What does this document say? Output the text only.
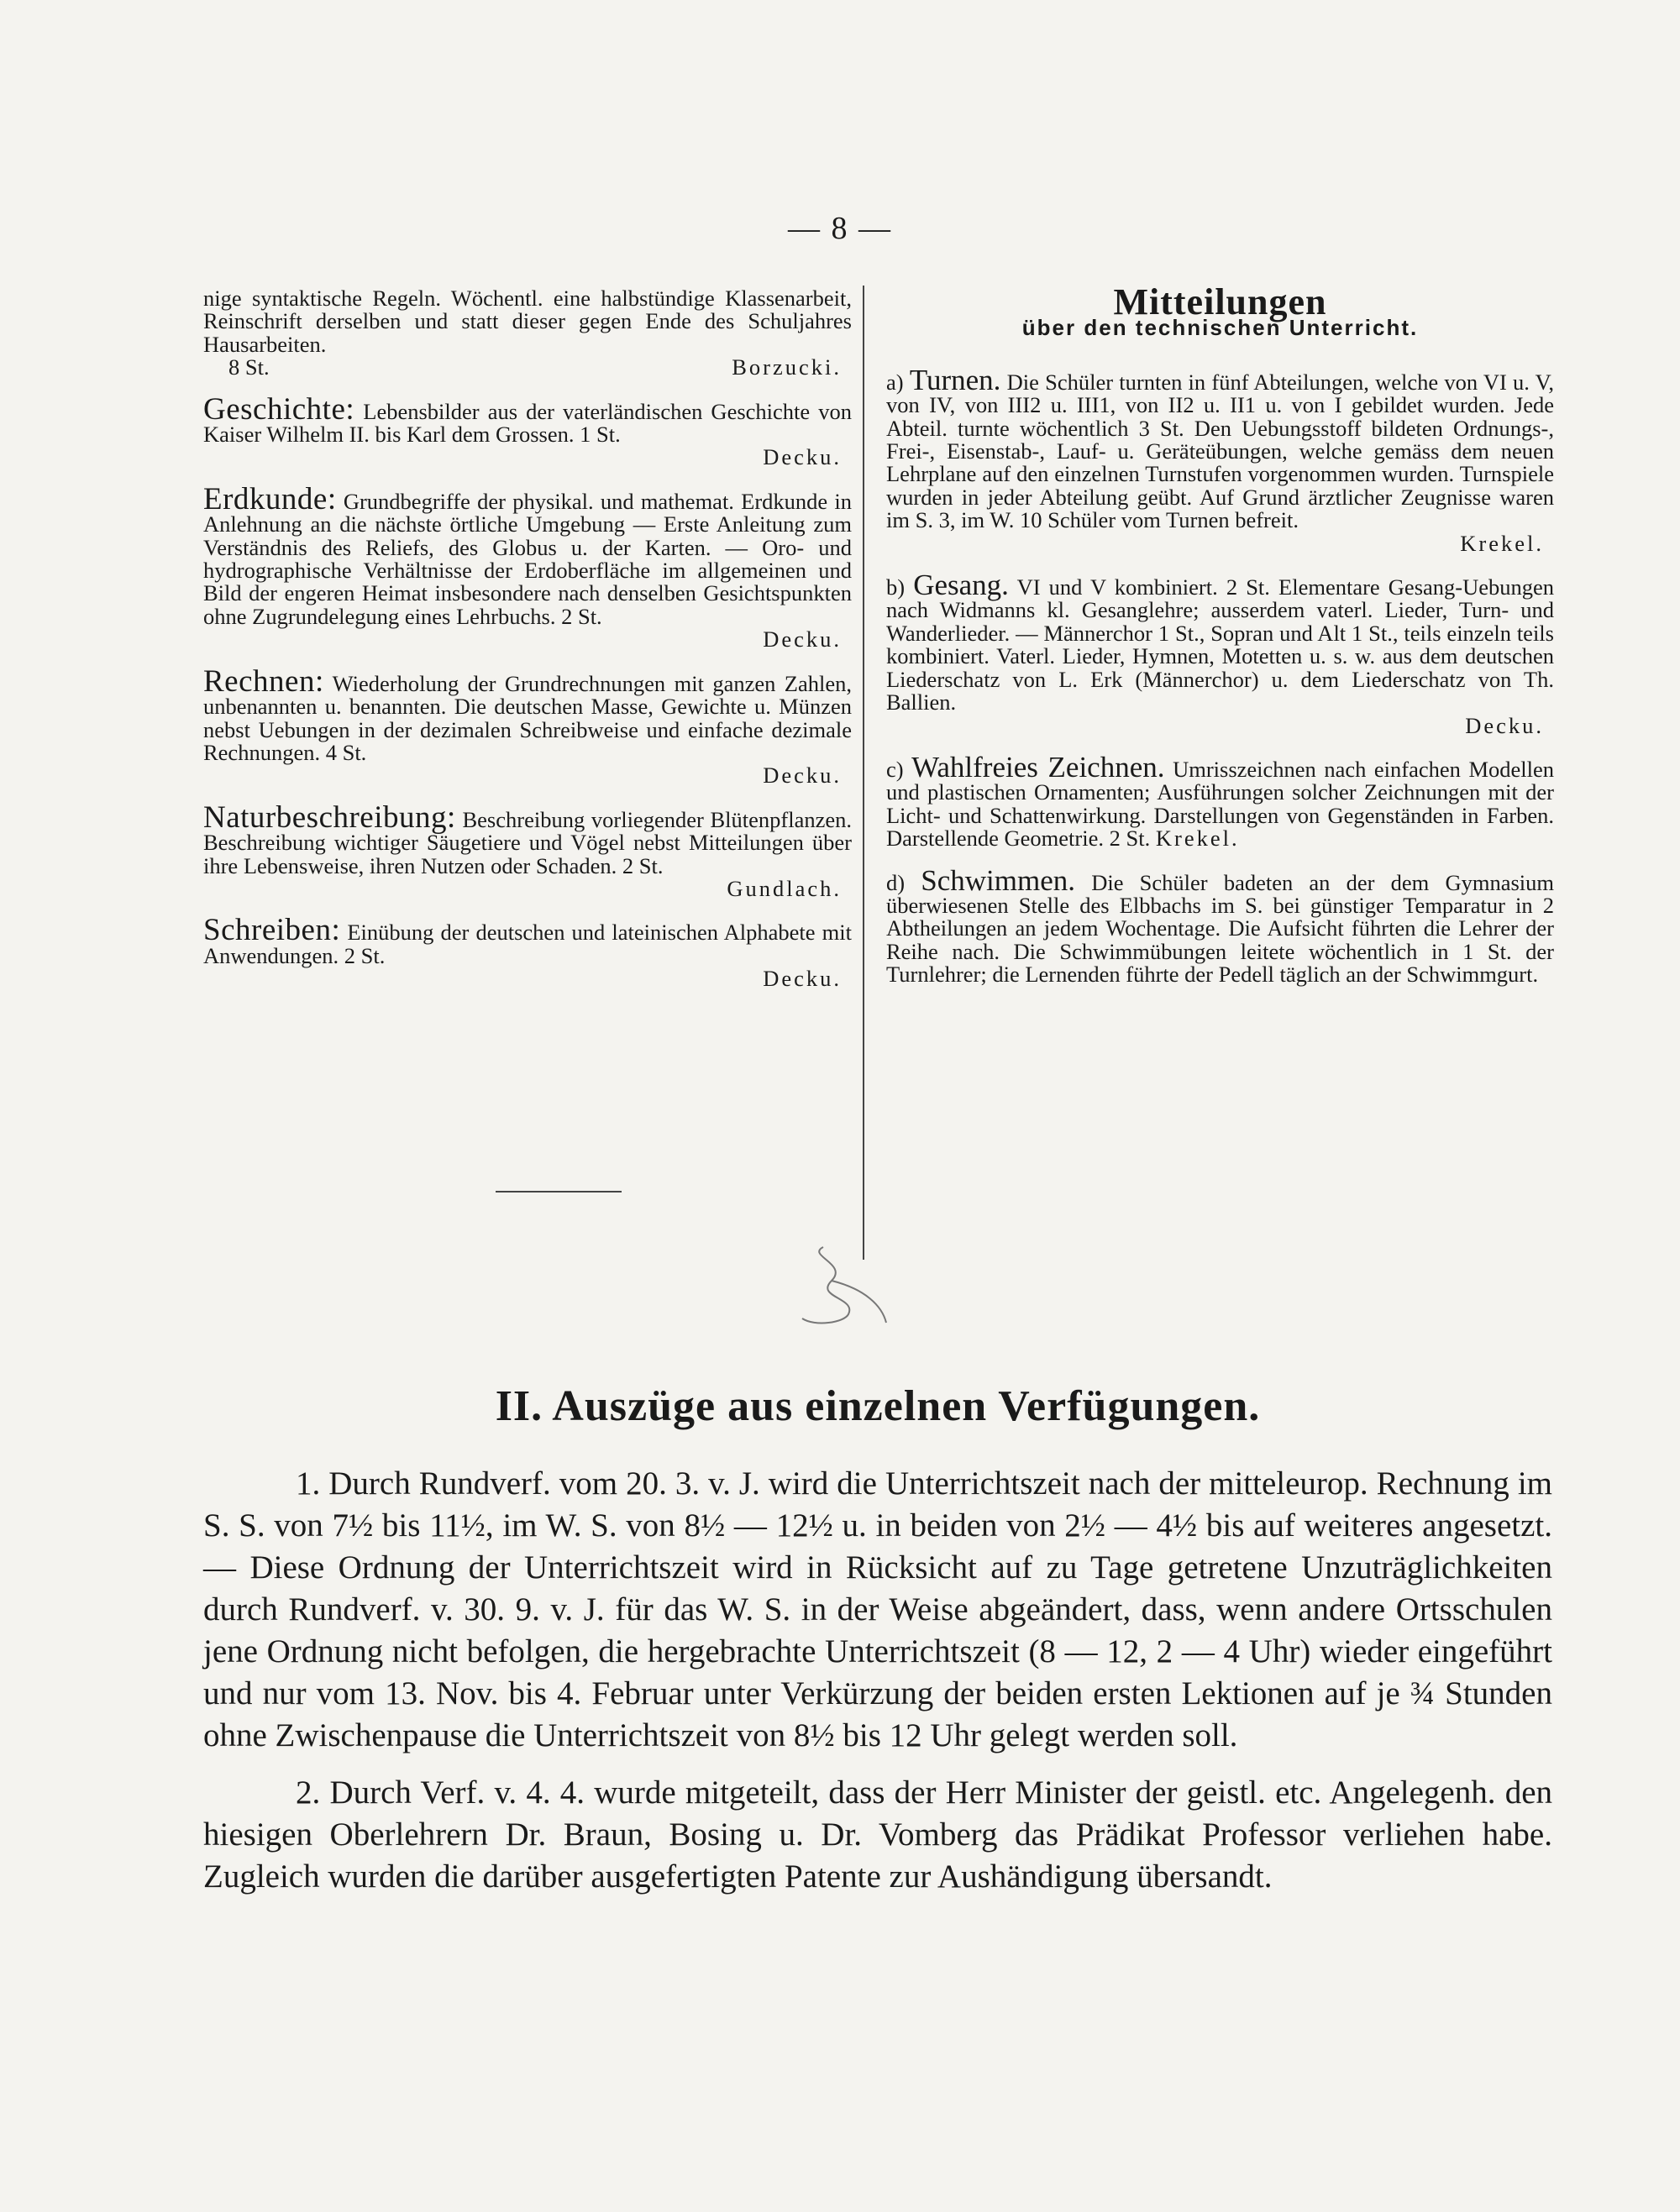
— 8 —

nige syntaktische Regeln. Wöchentl. eine halbstündige Klassenarbeit, Reinschrift derselben und statt dieser gegen Ende des Schuljahres Hausarbeiten.

8 St.	Borzucki.

Geschichte: Lebensbilder aus der vaterländischen Geschichte von Kaiser Wilhelm II. bis Karl dem Grossen. 1 St.

Decku.

Erdkunde: Grundbegriffe der physikal. und mathemat. Erdkunde in Anlehnung an die nächste örtliche Umgebung — Erste Anleitung zum Verständnis des Reliefs, des Globus u. der Karten. — Oro- und hydrographische Verhältnisse der Erdoberfläche im allgemeinen und Bild der engeren Heimat insbesondere nach denselben Gesichtspunkten ohne Zugrundelegung eines Lehrbuchs. 2 St.

Decku.

Rechnen: Wiederholung der Grundrechnungen mit ganzen Zahlen, unbenannten u. benannten. Die deutschen Masse, Gewichte u. Münzen nebst Uebungen in der dezimalen Schreibweise und einfache dezimale Rechnungen. 4 St.

Decku.

Naturbeschreibung: Beschreibung vorliegender Blütenpflanzen. Beschreibung wichtiger Säugetiere und Vögel nebst Mitteilungen über ihre Lebensweise, ihren Nutzen oder Schaden. 2 St.

Gundlach.

Schreiben: Einübung der deutschen und lateinischen Alphabete mit Anwendungen. 2 St.

Decku.
Mitteilungen
über den technischen Unterricht.

a) Turnen. Die Schüler turnten in fünf Abteilungen, welche von VI u. V, von IV, von III2 u. III1, von II2 u. II1 u. von I gebildet wurden. Jede Abteil. turnte wöchentlich 3 St. Den Uebungsstoff bildeten Ordnungs-, Frei-, Eisenstab-, Lauf- u. Geräteübungen, welche gemäss dem neuen Lehrplane auf den einzelnen Turnstufen vorgenommen wurden. Turnspiele wurden in jeder Abteilung geübt. Auf Grund ärztlicher Zeugnisse waren im S. 3, im W. 10 Schüler vom Turnen befreit.

Krekel.

b) Gesang. VI und V kombiniert. 2 St. Elementare Gesang-Uebungen nach Widmanns kl. Gesanglehre; ausserdem vaterl. Lieder, Turn- und Wanderlieder. — Männerchor 1 St., Sopran und Alt 1 St., teils einzeln teils kombiniert. Vaterl. Lieder, Hymnen, Motetten u. s. w. aus dem deutschen Liederschatz von L. Erk (Männerchor) u. dem Liederschatz von Th. Ballien.

Decku.

c) Wahlfreies Zeichnen. Umrisszeichnen nach einfachen Modellen und plastischen Ornamenten; Ausführungen solcher Zeichnungen mit der Licht- und Schattenwirkung. Darstellungen von Gegenständen in Farben. Darstellende Geometrie. 2 St. Krekel.

d) Schwimmen. Die Schüler badeten an der dem Gymnasium überwiesenen Stelle des Elbbachs im S. bei günstiger Temparatur in 2 Abtheilungen an jedem Wochentage. Die Aufsicht führten die Lehrer der Reihe nach. Die Schwimmübungen leitete wöchentlich in 1 St. der Turnlehrer; die Lernenden führte der Pedell täglich an der Schwimmgurt.

II. Auszüge aus einzelnen Verfügungen.

1. Durch Rundverf. vom 20. 3. v. J. wird die Unterrichtszeit nach der mitteleurop. Rechnung im S. S. von 7½ bis 11½, im W. S. von 8½ — 12½ u. in beiden von 2½ — 4½ bis auf weiteres angesetzt. — Diese Ordnung der Unterrichtszeit wird in Rücksicht auf zu Tage getretene Unzuträglichkeiten durch Rundverf. v. 30. 9. v. J. für das W. S. in der Weise abgeändert, dass, wenn andere Ortsschulen jene Ordnung nicht befolgen, die hergebrachte Unterrichtszeit (8 — 12, 2 — 4 Uhr) wieder eingeführt und nur vom 13. Nov. bis 4. Februar unter Verkürzung der beiden ersten Lektionen auf je ¾ Stunden ohne Zwischenpause die Unterrichtszeit von 8½ bis 12 Uhr gelegt werden soll.

2. Durch Verf. v. 4. 4. wurde mitgeteilt, dass der Herr Minister der geistl. etc. Angelegenh. den hiesigen Oberlehrern Dr. Braun, Bosing u. Dr. Vomberg das Prädikat Professor verliehen habe. Zugleich wurden die darüber ausgefertigten Patente zur Aushändigung übersandt.
